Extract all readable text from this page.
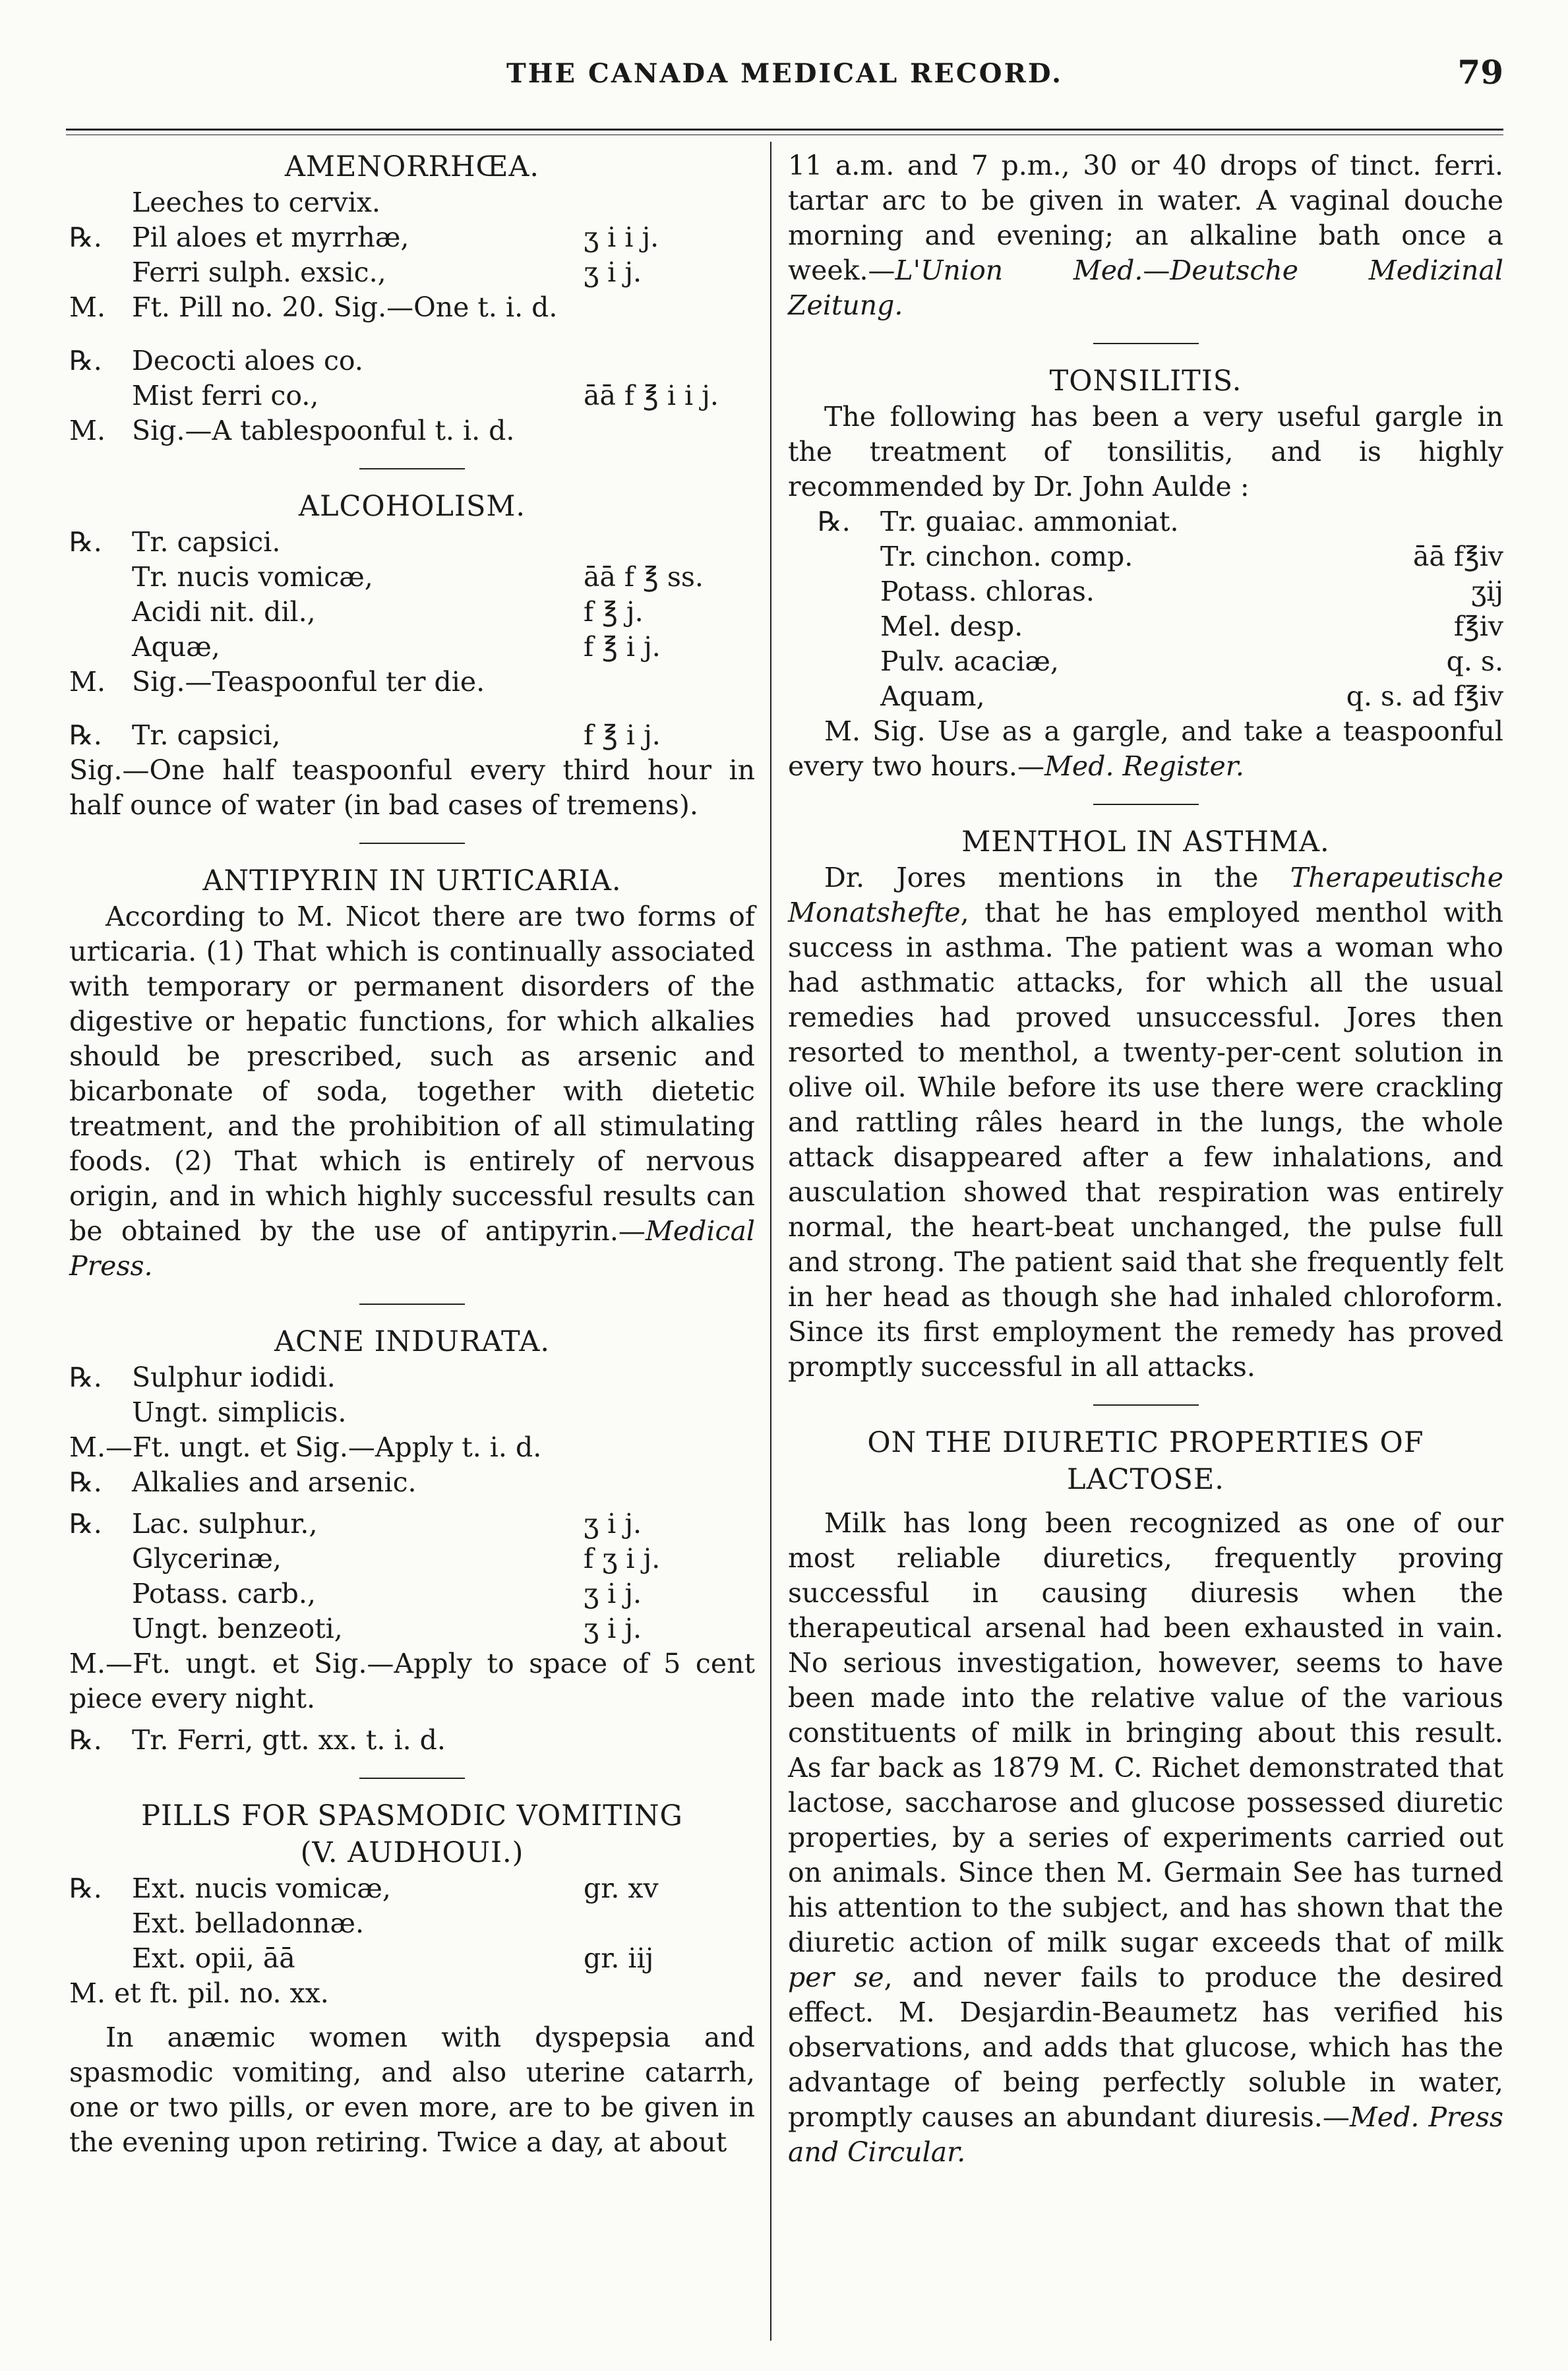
THE CANADA MEDICAL RECORD.	79
AMENORRHŒA.
Leeches to cervix.
℞.	Pil aloes et myrrhæ,	ʒ i i j.
Ferri sulph. exsic.,	ʒ i j.
M. Ft. Pill no. 20. Sig.—One t. i. d.
℞.	Decocti aloes co.
Mist ferri co.,	āā f ℥ i i j.
M. Sig.—A tablespoonful t. i. d.
ALCOHOLISM.
℞.	Tr. capsici.
Tr. nucis vomicæ,	āā f ℥ ss.
Acidi nit. dil.,	f ℥ j.
Aquæ,	f ℥ i j.
M. Sig.—Teaspoonful ter die.
℞.	Tr. capsici,	f ℥ i j.

Sig.—One half teaspoonful every third hour in half ounce of water (in bad cases of tremens).

ANTIPYRIN IN URTICARIA.

According to M. Nicot there are two forms of urticaria. (1) That which is continually associated with temporary or permanent disorders of the digestive or hepatic functions, for which alkalies should be prescribed, such as arsenic and bicarbonate of soda, together with dietetic treatment, and the prohibition of all stimulating foods. (2) That which is entirely of nervous origin, and in which highly successful results can be obtained by the use of antipyrin.—Medical Press.

ACNE INDURATA.
℞.	Sulphur iodidi.
Ungt. simplicis.
M.—Ft. ungt. et Sig.—Apply t. i. d.
℞.	Alkalies and arsenic.
℞.	Lac. sulphur.,	ʒ i j.
Glycerinæ,	f ʒ i j.
Potass. carb.,	ʒ i j.
Ungt. benzeoti,	ʒ i j.

M.—Ft. ungt. et Sig.—Apply to space of 5 cent piece every night.

℞.	Tr. Ferri, gtt. xx. t. i. d.
PILLS FOR SPASMODIC VOMITING
(V. AUDHOUI.)
℞.	Ext. nucis vomicæ,	gr. xv
Ext. belladonnæ.
Ext. opii, āā	gr. iij
M. et ft. pil. no. xx.

In anæmic women with dyspepsia and spasmodic vomiting, and also uterine catarrh, one or two pills, or even more, are to be given in the evening upon retiring. Twice a day, at about

11 a.m. and 7 p.m., 30 or 40 drops of tinct. ferri. tartar arc to be given in water. A vaginal douche morning and evening; an alkaline bath once a week.—L'Union Med.—Deutsche Medizinal Zeitung.

TONSILITIS.

The following has been a very useful gargle in the treatment of tonsilitis, and is highly recommended by Dr. John Aulde :

℞.	Tr. guaiac. ammoniat.
Tr. cinchon. comp.	āā f℥iv
Potass. chloras.	ʒij
Mel. desp.	f℥iv
Pulv. acaciæ,	q. s.
Aquam,	q. s. ad f℥iv

M. Sig. Use as a gargle, and take a teaspoonful every two hours.—Med. Register.

MENTHOL IN ASTHMA.

Dr. Jores mentions in the Therapeutische Monatshefte, that he has employed menthol with success in asthma. The patient was a woman who had asthmatic attacks, for which all the usual remedies had proved unsuccessful. Jores then resorted to menthol, a twenty-per-cent solution in olive oil. While before its use there were crackling and rattling râles heard in the lungs, the whole attack disappeared after a few inhalations, and ausculation showed that respiration was entirely normal, the heart-beat unchanged, the pulse full and strong. The patient said that she frequently felt in her head as though she had inhaled chloroform. Since its first employment the remedy has proved promptly successful in all attacks.

ON THE DIURETIC PROPERTIES OF
LACTOSE.

Milk has long been recognized as one of our most reliable diuretics, frequently proving successful in causing diuresis when the therapeutical arsenal had been exhausted in vain. No serious investigation, however, seems to have been made into the relative value of the various constituents of milk in bringing about this result. As far back as 1879 M. C. Richet demonstrated that lactose, saccharose and glucose possessed diuretic properties, by a series of experiments carried out on animals. Since then M. Germain See has turned his attention to the subject, and has shown that the diuretic action of milk sugar exceeds that of milk per se, and never fails to produce the desired effect. M. Desjardin-Beaumetz has verified his observations, and adds that glucose, which has the advantage of being perfectly soluble in water, promptly causes an abundant diuresis.—Med. Press and Circular.
